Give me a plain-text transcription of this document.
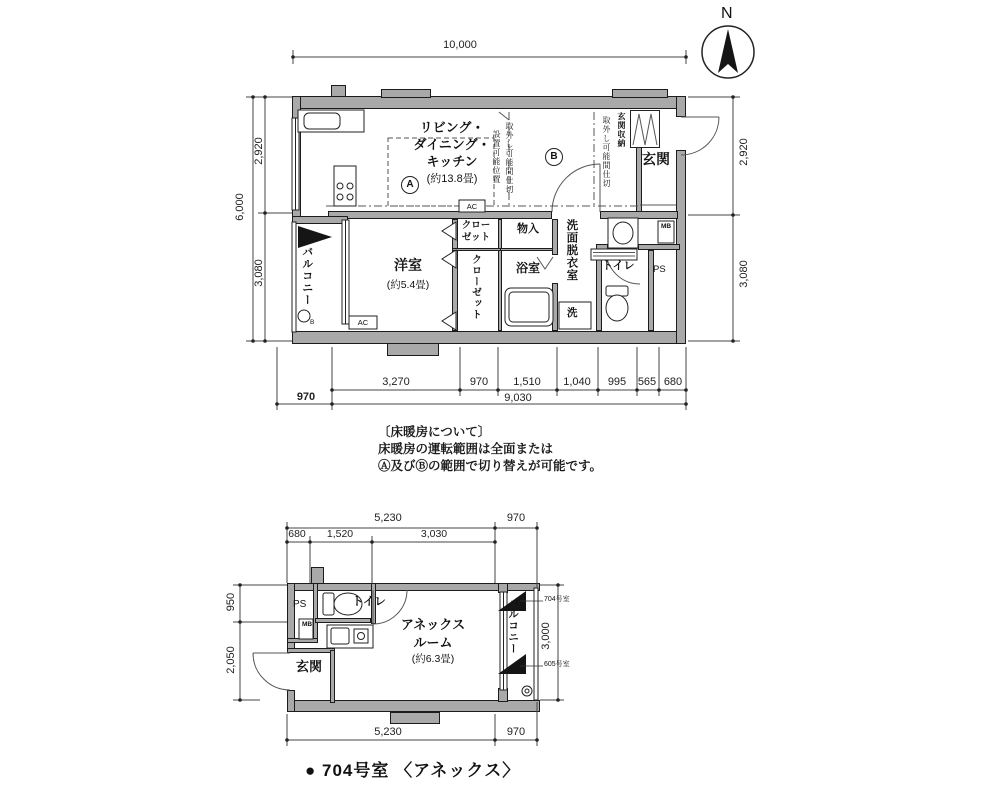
N
10,000
6,000
2,920
3,080
2,920
3,080
3,270	970	1,510	1,040	995	565 680
970	9,030
リビング・
ダイニング・
キッチン
(約13.8畳)
A
B
取外し可能間仕切
設置可能位置	取外し可能間仕切 玄関収納
玄関
洗面脱衣室 トイレ
物入
浴室
クロー
ゼット
クローゼット
洋室
(約5.4畳)
バルコニー
洗
PS
MB
AC
AC
B
〔床暖房について〕
床暖房の運転範囲は全面または
Ⓐ及びⒷの範囲で切り替えが可能です。
5,230	970
680	1,520	3,030
950
2,050
3,000
5,230	970
PS
MB
トイレ
アネックス
ルーム
(約6.3畳)
玄関
バルコニー	704号室
605号室
● 704号室 〈アネックス〉
